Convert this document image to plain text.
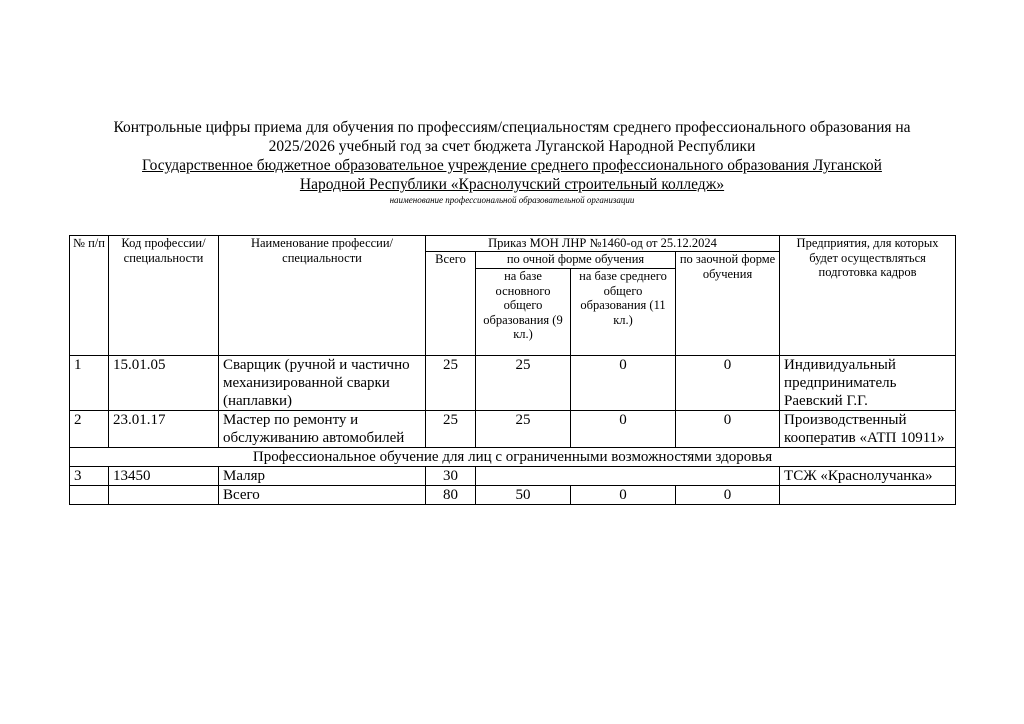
Контрольные цифры приема для обучения по профессиям/специальностям среднего профессионального образования на
2025/2026 учебный год за счет бюджета Луганской Народной Республики
Государственное бюджетное образовательное учреждение среднего профессионального образования Луганской
Народной Республики «Краснолучский строительный колледж»
наименование профессиональной образовательной организации
№ п/п	Код профессии/ специальности	Наименование профессии/ специальности	Приказ МОН ЛНР №1460-од от 25.12.2024				Предприятия, для которых будет осуществляться подготовка кадров
			Всего	по очной форме обучения		по заочной форме обучения	
				на базе основного общего образования (9 кл.)	на базе среднего общего образования (11 кл.)		
1	15.01.05	Сварщик (ручной и частично механизированной сварки (наплавки)	25	25	0	0	Индивидуальный предприниматель Раевский Г.Г.
2	23.01.17	Мастер по ремонту и обслуживанию автомобилей	25	25	0	0	Производственный кооператив «АТП 10911»
Профессиональное обучение для лиц с ограниченными возможностями здоровья							
3	13450	Маляр	30				ТСЖ «Краснолучанка»
		Всего	80	50	0	0	
